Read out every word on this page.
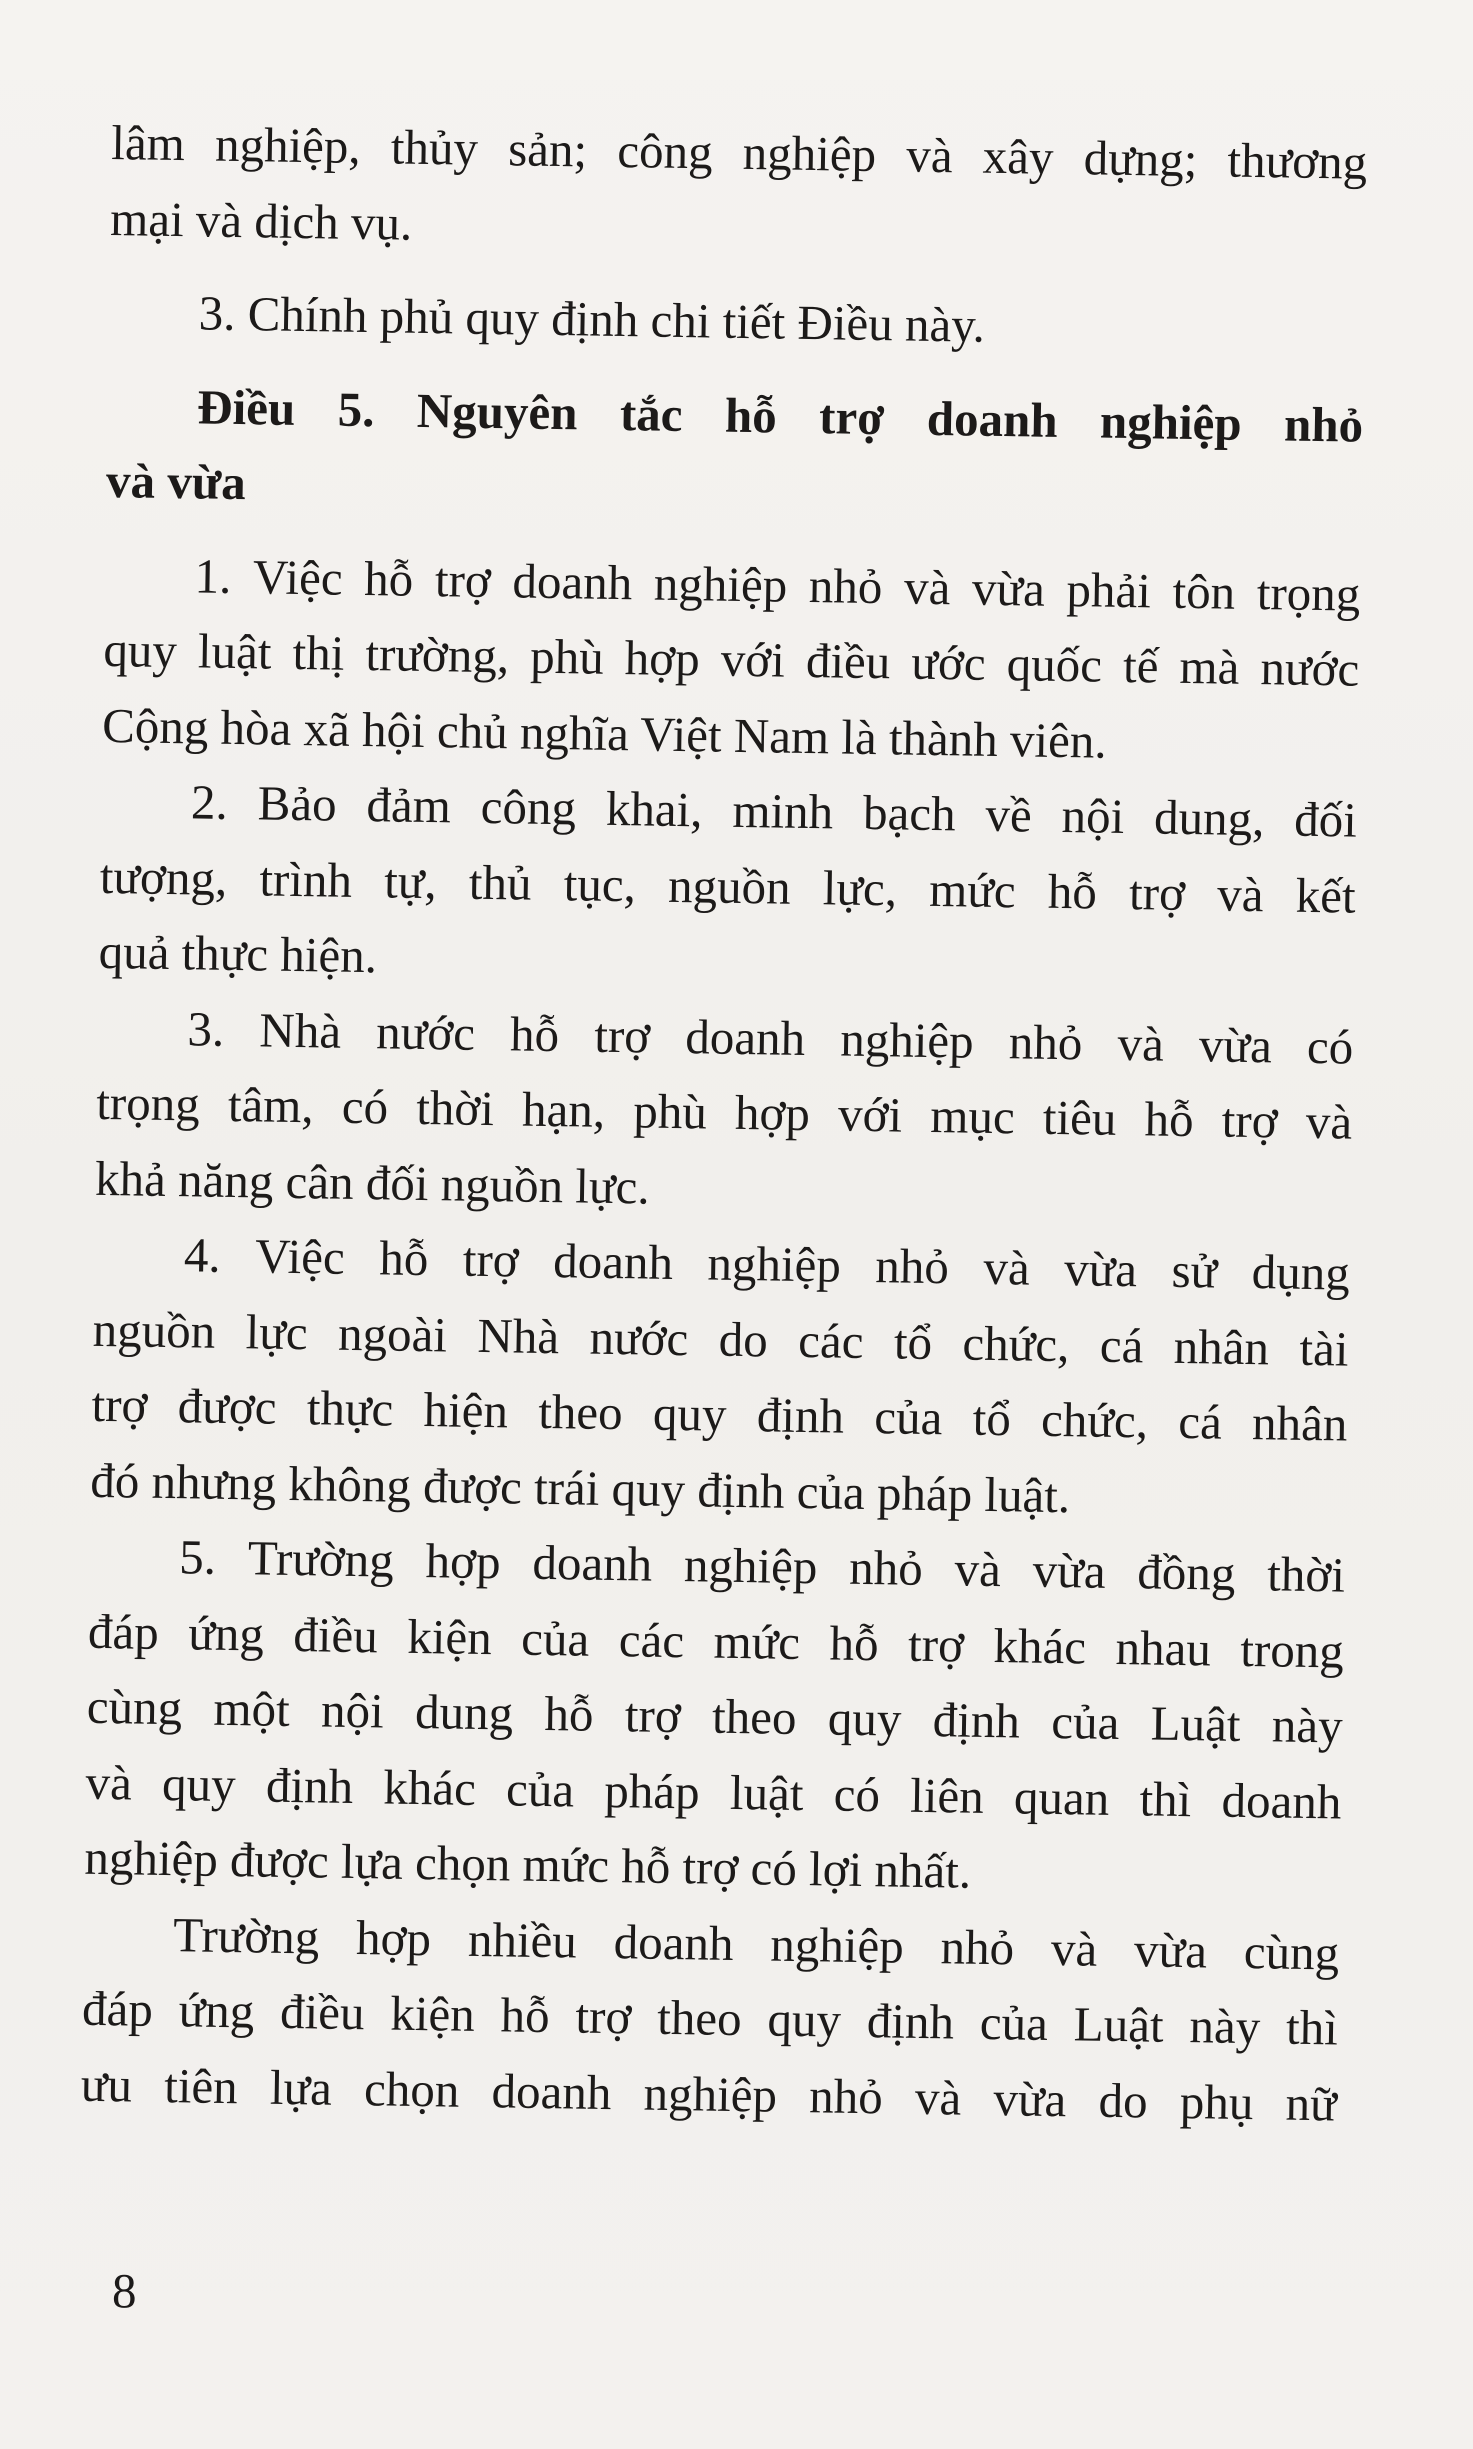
lâm nghiệp, thủy sản; công nghiệp và xây dựng; thương
mại và dịch vụ.
3. Chính phủ quy định chi tiết Điều này.
Điều 5. Nguyên tắc hỗ trợ doanh nghiệp nhỏ
và vừa
1. Việc hỗ trợ doanh nghiệp nhỏ và vừa phải tôn trọng
quy luật thị trường, phù hợp với điều ước quốc tế mà nước
Cộng hòa xã hội chủ nghĩa Việt Nam là thành viên.
2. Bảo đảm công khai, minh bạch về nội dung, đối
tượng, trình tự, thủ tục, nguồn lực, mức hỗ trợ và kết
quả thực hiện.
3. Nhà nước hỗ trợ doanh nghiệp nhỏ và vừa có
trọng tâm, có thời hạn, phù hợp với mục tiêu hỗ trợ và
khả năng cân đối nguồn lực.
4. Việc hỗ trợ doanh nghiệp nhỏ và vừa sử dụng
nguồn lực ngoài Nhà nước do các tổ chức, cá nhân tài
trợ được thực hiện theo quy định của tổ chức, cá nhân
đó nhưng không được trái quy định của pháp luật.
5. Trường hợp doanh nghiệp nhỏ và vừa đồng thời
đáp ứng điều kiện của các mức hỗ trợ khác nhau trong
cùng một nội dung hỗ trợ theo quy định của Luật này
và quy định khác của pháp luật có liên quan thì doanh
nghiệp được lựa chọn mức hỗ trợ có lợi nhất.
Trường hợp nhiều doanh nghiệp nhỏ và vừa cùng
đáp ứng điều kiện hỗ trợ theo quy định của Luật này thì
ưu tiên lựa chọn doanh nghiệp nhỏ và vừa do phụ nữ
8
